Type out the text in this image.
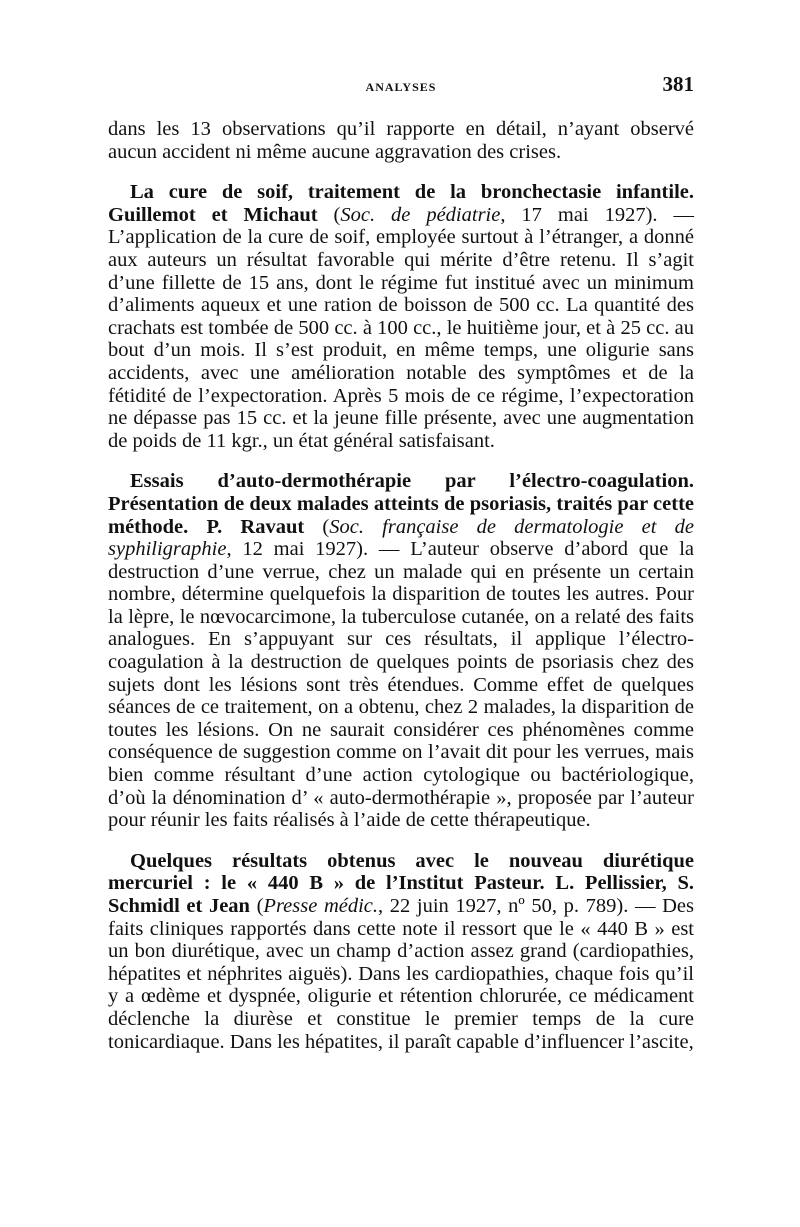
ANALYSES	381

dans les 13 observations qu’il rapporte en détail, n’ayant observé aucun accident ni même aucune aggravation des crises.

La cure de soif, traitement de la bronchectasie infantile. Guillemot et Michaut (Soc. de pédiatrie, 17 mai 1927). — L’application de la cure de soif, employée surtout à l’étranger, a donné aux auteurs un résultat favorable qui mérite d’être retenu. Il s’agit d’une fillette de 15 ans, dont le régime fut institué avec un minimum d’aliments aqueux et une ration de boisson de 500 cc. La quantité des crachats est tombée de 500 cc. à 100 cc., le huitième jour, et à 25 cc. au bout d’un mois. Il s’est produit, en même temps, une oligurie sans accidents, avec une amélioration notable des symptômes et de la fétidité de l’expectoration. Après 5 mois de ce régime, l’expectoration ne dépasse pas 15 cc. et la jeune fille présente, avec une augmentation de poids de 11 kgr., un état général satisfaisant.

Essais d’auto-dermothérapie par l’électro-coagulation. Présentation de deux malades atteints de psoriasis, traités par cette méthode. P. Ravaut (Soc. française de dermatologie et de syphiligraphie, 12 mai 1927). — L’auteur observe d’abord que la destruction d’une verrue, chez un malade qui en présente un certain nombre, détermine quelquefois la disparition de toutes les autres. Pour la lèpre, le nœvocarcimone, la tuberculose cutanée, on a relaté des faits analogues. En s’appuyant sur ces résultats, il applique l’électro-coagulation à la destruction de quelques points de psoriasis chez des sujets dont les lésions sont très étendues. Comme effet de quelques séances de ce traitement, on a obtenu, chez 2 malades, la disparition de toutes les lésions. On ne saurait considérer ces phénomènes comme conséquence de suggestion comme on l’avait dit pour les verrues, mais bien comme résultant d’une action cytologique ou bactériologique, d’où la dénomination d’ « auto-dermothérapie », proposée par l’auteur pour réunir les faits réalisés à l’aide de cette thérapeutique.

Quelques résultats obtenus avec le nouveau diurétique mercuriel : le « 440 B » de l’Institut Pasteur. L. Pellissier, S. Schmidl et Jean (Presse médic., 22 juin 1927, nº 50, p. 789). — Des faits cliniques rapportés dans cette note il ressort que le « 440 B » est un bon diurétique, avec un champ d’action assez grand (cardiopathies, hépatites et néphrites aiguës). Dans les cardiopathies, chaque fois qu’il y a œdème et dyspnée, oligurie et rétention chlorurée, ce médicament déclenche la diurèse et constitue le premier temps de la cure tonicardiaque. Dans les hépatites, il paraît capable d’influencer l’ascite,
